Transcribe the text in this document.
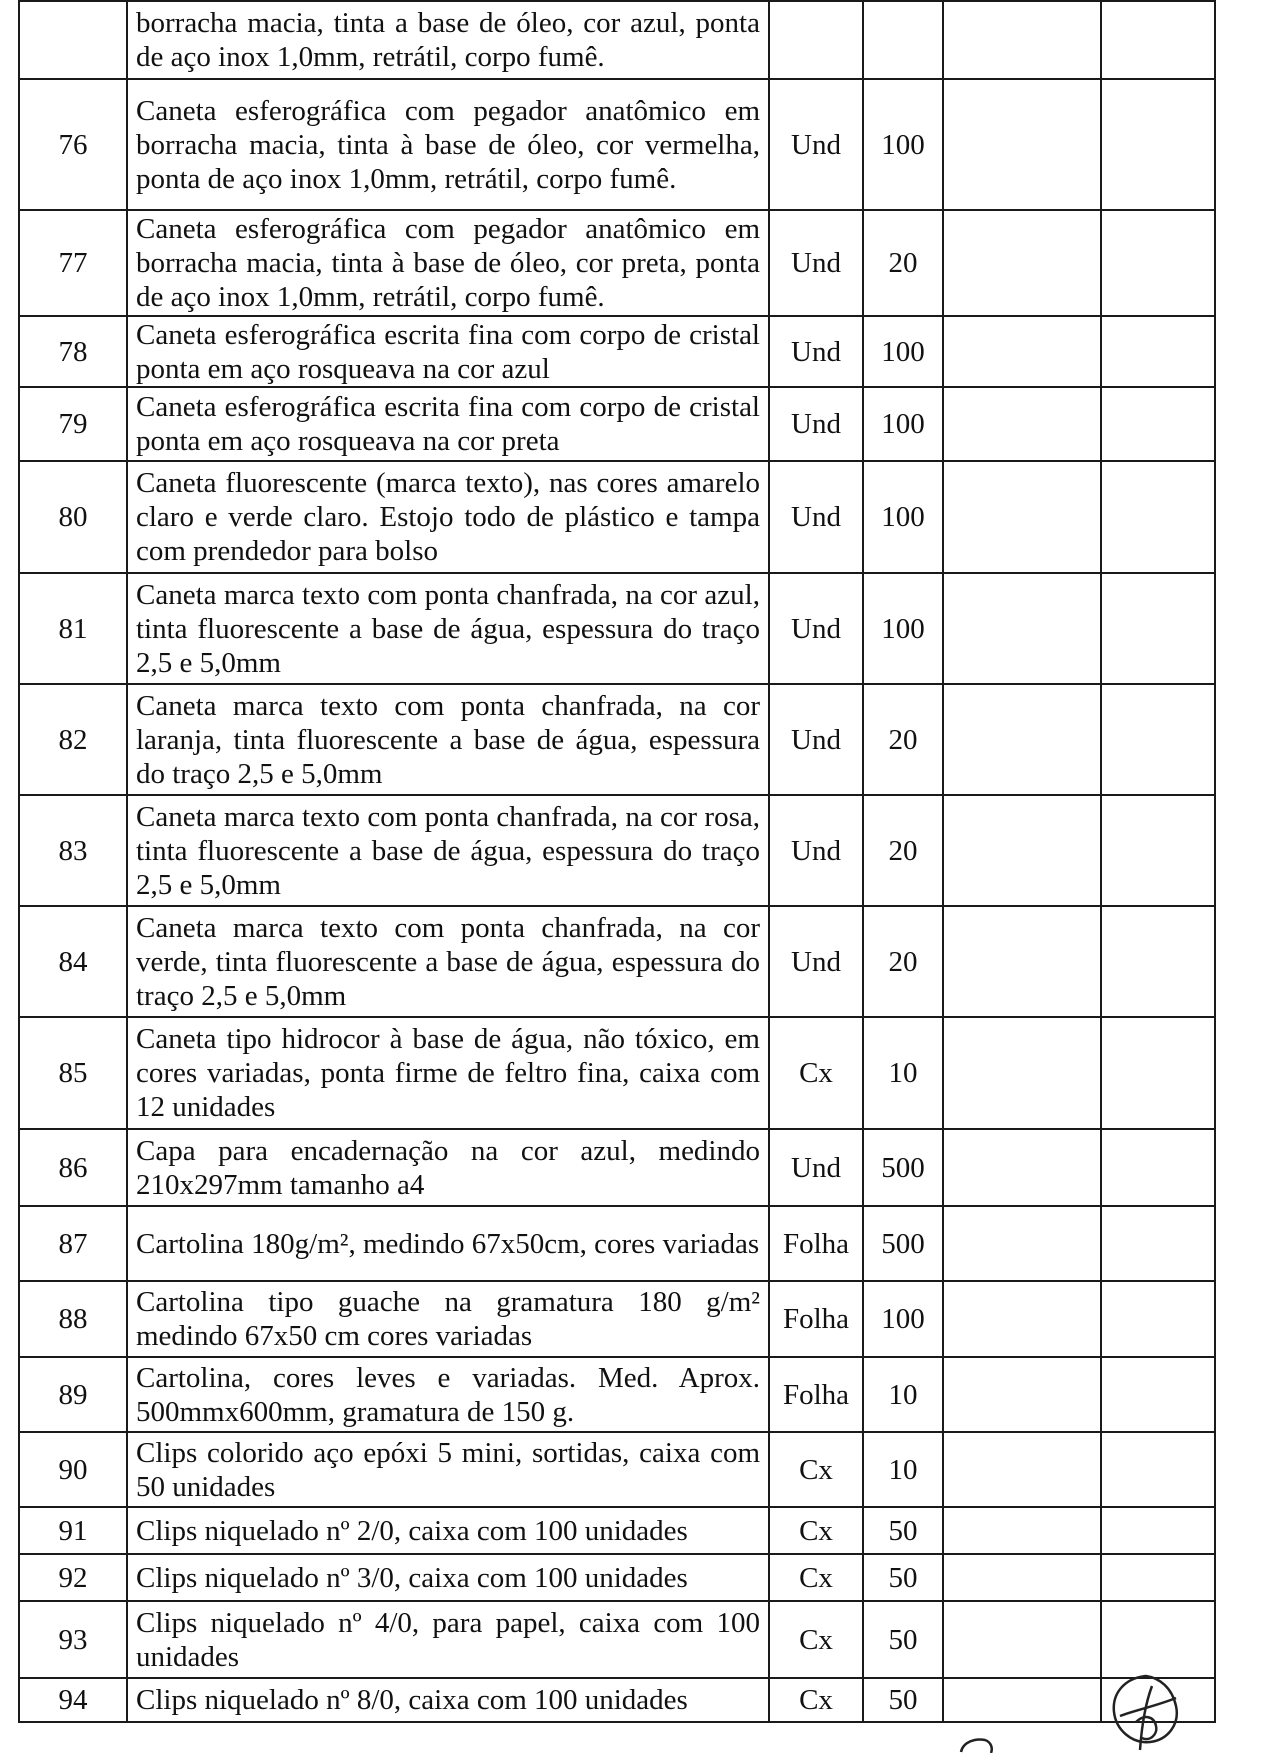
	borracha macia, tinta a base de óleo, cor azul, ponta de aço inox 1,0mm, retrátil, corpo fumê.				
76	Caneta esferográfica com pegador anatômico em borracha macia, tinta à base de óleo, cor vermelha, ponta de aço inox 1,0mm, retrátil, corpo fumê.	Und	100		
77	Caneta esferográfica com pegador anatômico em borracha macia, tinta à base de óleo, cor preta, ponta de aço inox 1,0mm, retrátil, corpo fumê.	Und	20		
78	Caneta esferográfica escrita fina com corpo de cristal ponta em aço rosqueava na cor azul	Und	100		
79	Caneta esferográfica escrita fina com corpo de cristal ponta em aço rosqueava na cor preta	Und	100		
80	Caneta fluorescente (marca texto), nas cores amarelo claro e verde claro. Estojo todo de plástico e tampa com prendedor para bolso	Und	100		
81	Caneta marca texto com ponta chanfrada, na cor azul, tinta fluorescente a base de água, espessura do traço 2,5 e 5,0mm	Und	100		
82	Caneta marca texto com ponta chanfrada, na cor laranja, tinta fluorescente a base de água, espessura do traço 2,5 e 5,0mm	Und	20		
83	Caneta marca texto com ponta chanfrada, na cor rosa, tinta fluorescente a base de água, espessura do traço 2,5 e 5,0mm	Und	20		
84	Caneta marca texto com ponta chanfrada, na cor verde, tinta fluorescente a base de água, espessura do traço 2,5 e 5,0mm	Und	20		
85	Caneta tipo hidrocor à base de água, não tóxico, em cores variadas, ponta firme de feltro fina, caixa com 12 unidades	Cx	10		
86	Capa para encadernação na cor azul, medindo 210x297mm tamanho a4	Und	500		
87	Cartolina 180g/m², medindo 67x50cm, cores variadas	Folha	500		
88	Cartolina tipo guache na gramatura 180 g/m² medindo 67x50 cm cores variadas	Folha	100		
89	Cartolina, cores leves e variadas. Med. Aprox. 500mmx600mm, gramatura de 150 g.	Folha	10		
90	Clips colorido aço epóxi 5 mini, sortidas, caixa com 50 unidades	Cx	10		
91	Clips niquelado nº 2/0, caixa com 100 unidades	Cx	50		
92	Clips niquelado nº 3/0, caixa com 100 unidades	Cx	50		
93	Clips niquelado nº 4/0, para papel, caixa com 100 unidades	Cx	50		
94	Clips niquelado nº 8/0, caixa com 100 unidades	Cx	50		
